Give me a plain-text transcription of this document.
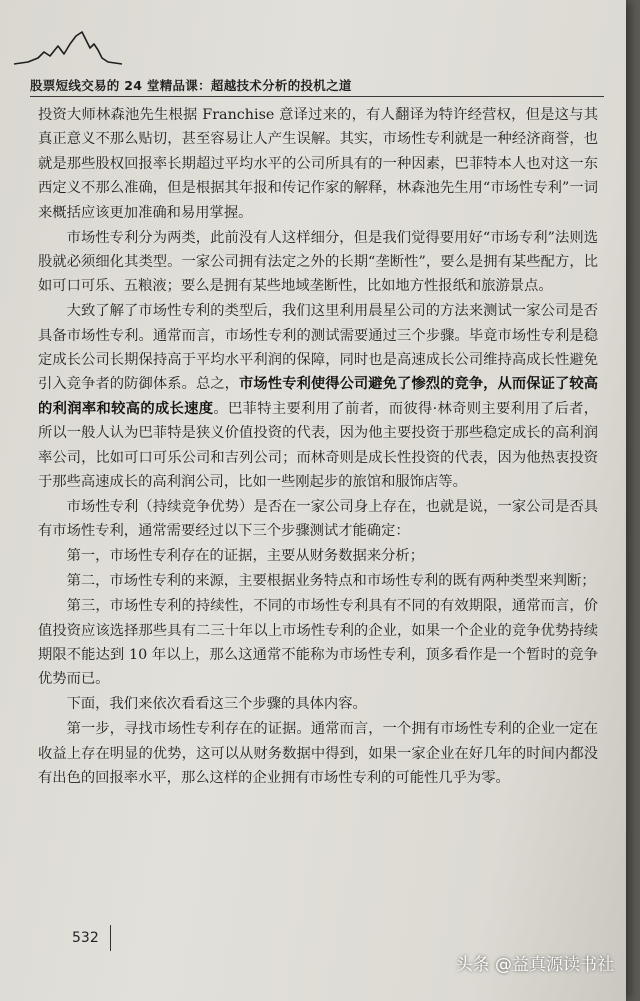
股票短线交易的 24 堂精品课：超越技术分析的投机之道

投资大师林森池先生根据 Franchise 意译过来的，有人翻译为特许经营权，但是这与其真正意义不那么贴切，甚至容易让人产生误解。其实，市场性专利就是一种经济商誉，也就是那些股权回报率长期超过平均水平的公司所具有的一种因素，巴菲特本人也对这一东西定义不那么准确，但是根据其年报和传记作家的解释，林森池先生用“市场性专利”一词来概括应该更加准确和易用掌握。

市场性专利分为两类，此前没有人这样细分，但是我们觉得要用好“市场专利”法则选股就必须细化其类型。一家公司拥有法定之外的长期“垄断性”，要么是拥有某些配方，比如可口可乐、五粮液；要么是拥有某些地域垄断性，比如地方性报纸和旅游景点。

大致了解了市场性专利的类型后，我们这里利用晨星公司的方法来测试一家公司是否具备市场性专利。通常而言，市场性专利的测试需要通过三个步骤。毕竟市场性专利是稳定成长公司长期保持高于平均水平利润的保障，同时也是高速成长公司维持高成长性避免引入竞争者的防御体系。总之，市场性专利使得公司避免了惨烈的竞争，从而保证了较高的利润率和较高的成长速度。巴菲特主要利用了前者，而彼得·林奇则主要利用了后者，所以一般人认为巴菲特是狭义价值投资的代表，因为他主要投资于那些稳定成长的高利润率公司，比如可口可乐公司和吉列公司；而林奇则是成长性投资的代表，因为他热衷投资于那些高速成长的高利润公司，比如一些刚起步的旅馆和服饰店等。

市场性专利（持续竞争优势）是否在一家公司身上存在，也就是说，一家公司是否具有市场性专利，通常需要经过以下三个步骤测试才能确定：

第一，市场性专利存在的证据，主要从财务数据来分析；

第二，市场性专利的来源，主要根据业务特点和市场性专利的既有两种类型来判断；

第三，市场性专利的持续性，不同的市场性专利具有不同的有效期限，通常而言，价值投资应该选择那些具有二三十年以上市场性专利的企业，如果一个企业的竞争优势持续期限不能达到 10 年以上，那么这通常不能称为市场性专利，顶多看作是一个暂时的竞争优势而已。

下面，我们来依次看看这三个步骤的具体内容。

第一步，寻找市场性专利存在的证据。通常而言，一个拥有市场性专利的企业一定在收益上存在明显的优势，这可以从财务数据中得到，如果一家企业在好几年的时间内都没有出色的回报率水平，那么这样的企业拥有市场性专利的可能性几乎为零。

532
头条 @益真源读书社
